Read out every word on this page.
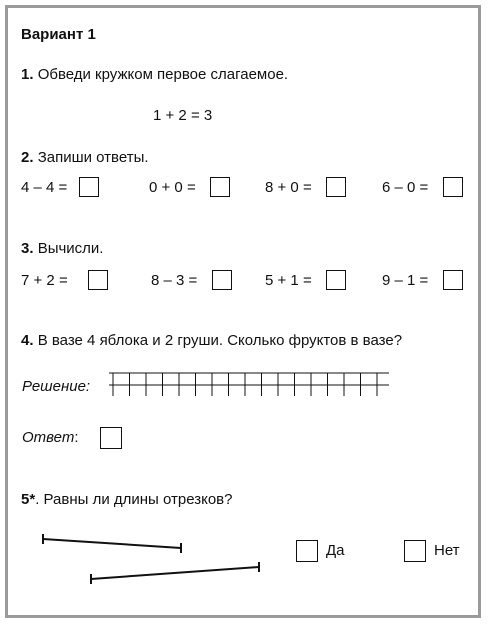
Вариант 1
1. Обведи кружком первое слагаемое.
1 + 2 = 3
2. Запиши ответы.
4 – 4 =	0 + 0 =	8 + 0 =	6 – 0 =
3. Вычисли.
7 + 2 =	8 – 3 =	5 + 1 =	9 – 1 =
4. В вазе 4 яблока и 2 груши. Сколько фруктов в вазе?
Решение:
Ответ:
5*. Равны ли длины отрезков?
Да	Нет
